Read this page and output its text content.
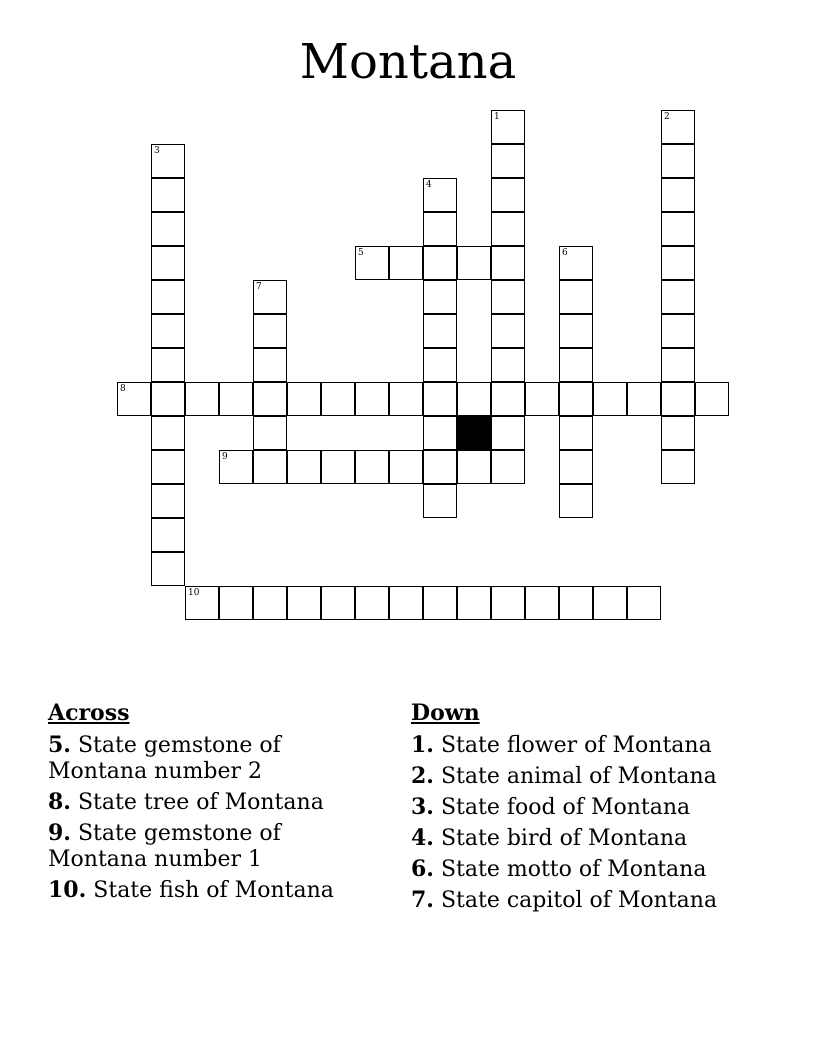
Montana
1	2
3
4
5	6
7
8
9
10
Across
5. State gemstone of Montana number 2
8. State tree of Montana
9. State gemstone of Montana number 1
10. State fish of Montana
Down
1. State flower of Montana
2. State animal of Montana
3. State food of Montana
4. State bird of Montana
6. State motto of Montana
7. State capitol of Montana
